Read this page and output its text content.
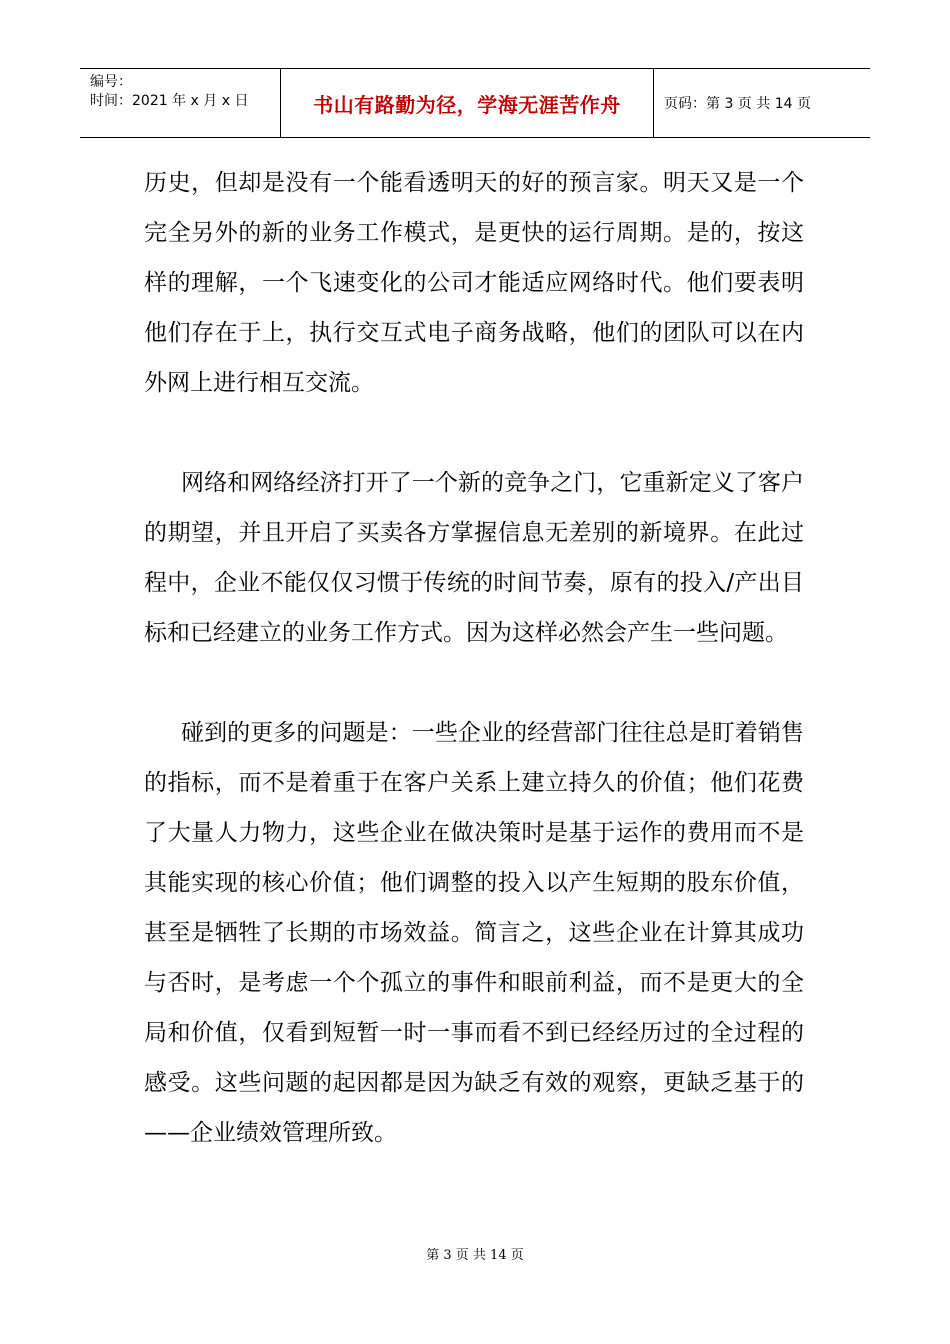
编号：
时间：2021 年 x 月 x 日	书山有路勤为径，学海无涯苦作舟	页码：第 3 页 共 14 页

历史，但却是没有一个能看透明天的好的预言家。明天又是一个完全另外的新的业务工作模式，是更快的运行周期。是的，按这样的理解，一个飞速变化的公司才能适应网络时代。他们要表明他们存在于上，执行交互式电子商务战略，他们的团队可以在内外网上进行相互交流。

网络和网络经济打开了一个新的竞争之门，它重新定义了客户的期望，并且开启了买卖各方掌握信息无差别的新境界。在此过程中，企业不能仅仅习惯于传统的时间节奏，原有的投入/产出目标和已经建立的业务工作方式。因为这样必然会产生一些问题。

碰到的更多的问题是：一些企业的经营部门往往总是盯着销售的指标，而不是着重于在客户关系上建立持久的价值；他们花费了大量人力物力，这些企业在做决策时是基于运作的费用而不是其能实现的核心价值；他们调整的投入以产生短期的股东价值，甚至是牺牲了长期的市场效益。简言之，这些企业在计算其成功与否时，是考虑一个个孤立的事件和眼前利益，而不是更大的全局和价值，仅看到短暂一时一事而看不到已经经历过的全过程的感受。这些问题的起因都是因为缺乏有效的观察，更缺乏基于的——企业绩效管理所致。

第 3 页 共 14 页
